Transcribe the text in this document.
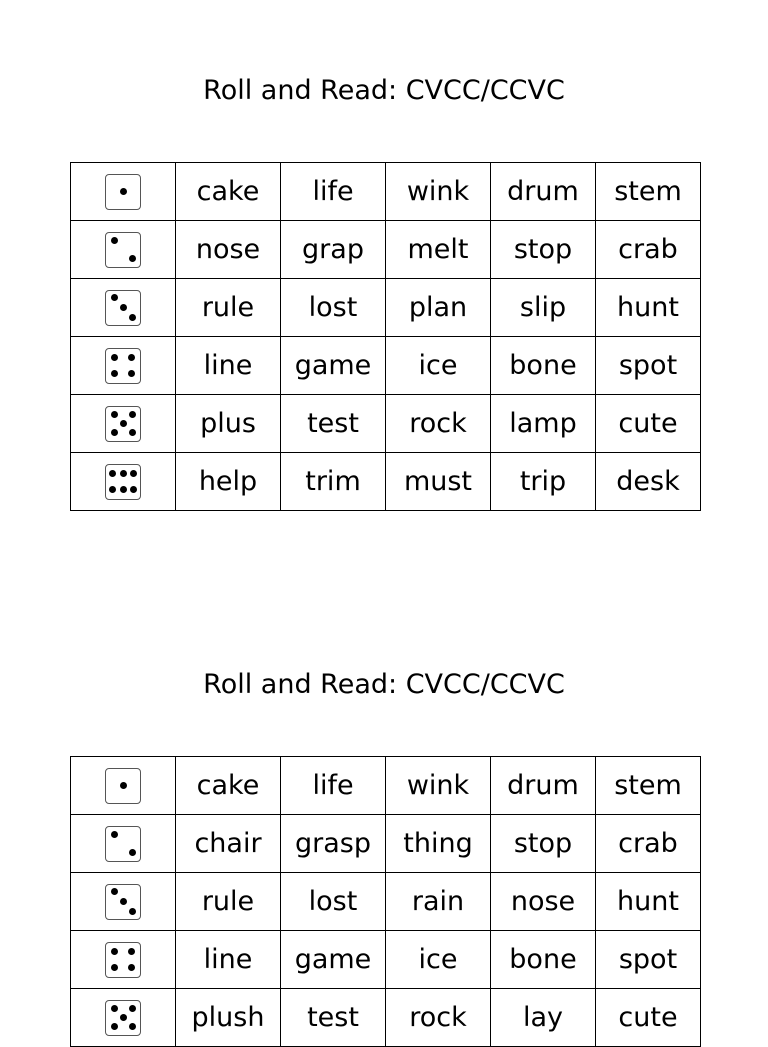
Roll and Read: CVCC/CCVC
	cake	life	wink	drum	stem

	nose	grap	melt	stop	crab

	rule	lost	plan	slip	hunt

	line	game	ice	bone	spot

	plus	test	rock	lamp	cute

	help	trim	must	trip	desk
Roll and Read: CVCC/CCVC
	cake	life	wink	drum	stem

	chair	grasp	thing	stop	crab

	rule	lost	rain	nose	hunt

	line	game	ice	bone	spot

	plush	test	rock	lay	cute
